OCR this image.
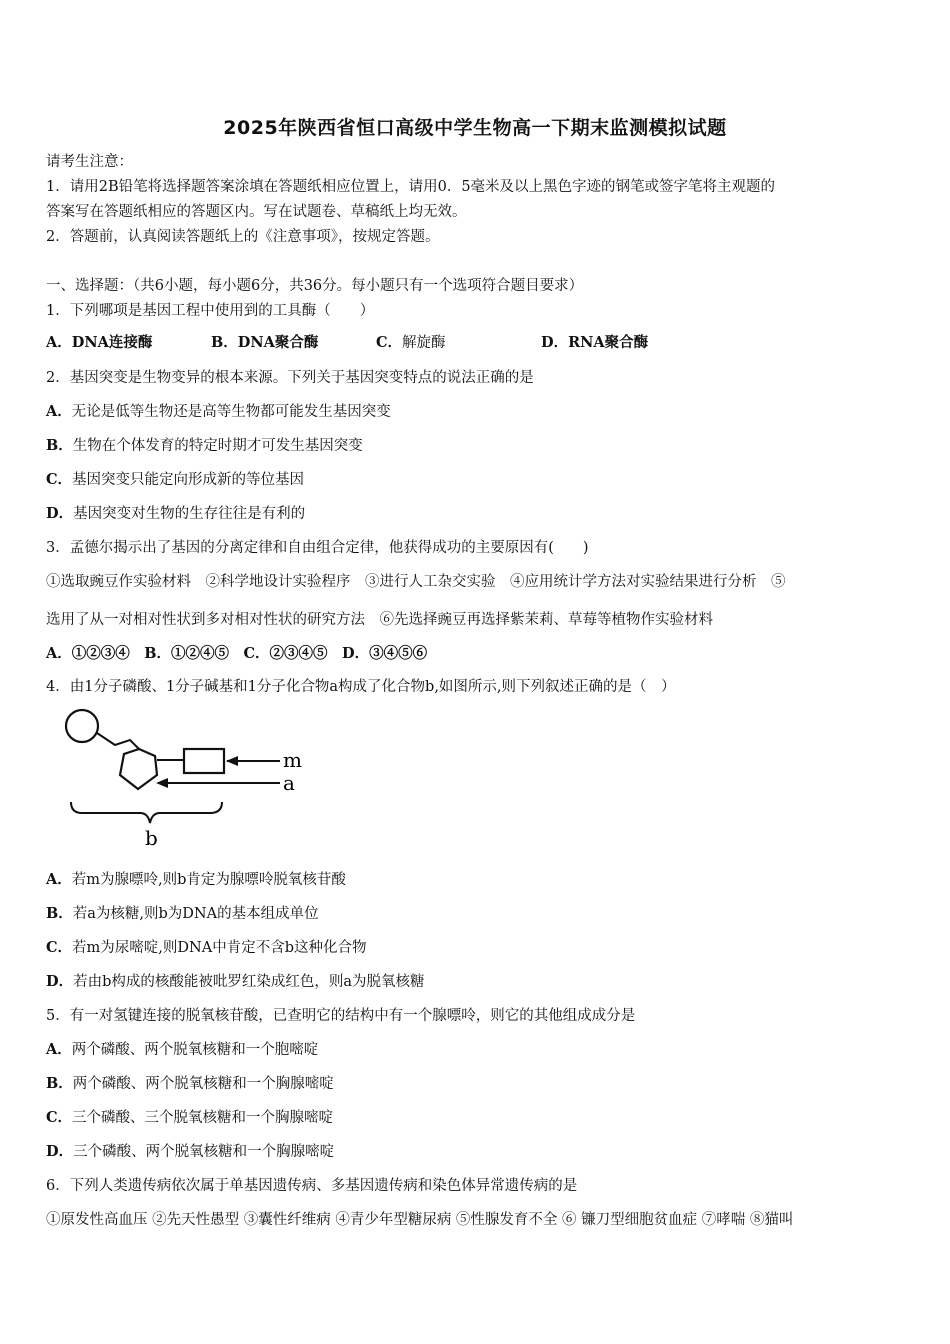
2025年陕西省恒口高级中学生物高一下期末监测模拟试题
请考生注意：
1．请用2B铅笔将选择题答案涂填在答题纸相应位置上，请用0．5毫米及以上黑色字迹的钢笔或签字笔将主观题的
答案写在答题纸相应的答题区内。写在试题卷、草稿纸上均无效。
2．答题前，认真阅读答题纸上的《注意事项》，按规定答题。
一、选择题：（共6小题，每小题6分，共36分。每小题只有一个选项符合题目要求）
1．下列哪项是基因工程中使用到的工具酶（　　）
A．DNA连接酶	B．DNA聚合酶	C．解旋酶	D．RNA聚合酶
2．基因突变是生物变异的根本来源。下列关于基因突变特点的说法正确的是
A．无论是低等生物还是高等生物都可能发生基因突变
B．生物在个体发育的特定时期才可发生基因突变
C．基因突变只能定向形成新的等位基因
D．基因突变对生物的生存往往是有利的
3．孟德尔揭示出了基因的分离定律和自由组合定律，他获得成功的主要原因有(　　)
①选取豌豆作实验材料　②科学地设计实验程序　③进行人工杂交实验　④应用统计学方法对实验结果进行分析　⑤
选用了从一对相对性状到多对相对性状的研究方法　⑥先选择豌豆再选择紫茉莉、草莓等植物作实验材料
A．①②③④　B．①②④⑤　C．②③④⑤　D．③④⑤⑥
4．由1分子磷酸、1分子碱基和1分子化合物a构成了化合物b,如图所示,则下列叙述正确的是（　）
m
a
b
A．若m为腺嘌呤,则b肯定为腺嘌呤脱氧核苷酸
B．若a为核糖,则b为DNA的基本组成单位
C．若m为尿嘧啶,则DNA中肯定不含b这种化合物
D．若由b构成的核酸能被吡罗红染成红色，则a为脱氧核糖
5．有一对氢键连接的脱氧核苷酸，已查明它的结构中有一个腺嘌呤，则它的其他组成成分是
A．两个磷酸、两个脱氧核糖和一个胞嘧啶
B．两个磷酸、两个脱氧核糖和一个胸腺嘧啶
C．三个磷酸、三个脱氧核糖和一个胸腺嘧啶
D．三个磷酸、两个脱氧核糖和一个胸腺嘧啶
6．下列人类遗传病依次属于单基因遗传病、多基因遗传病和染色体异常遗传病的是
①原发性高血压 ②先天性愚型 ③囊性纤维病 ④青少年型糖尿病 ⑤性腺发育不全 ⑥ 镰刀型细胞贫血症 ⑦哮喘 ⑧猫叫
